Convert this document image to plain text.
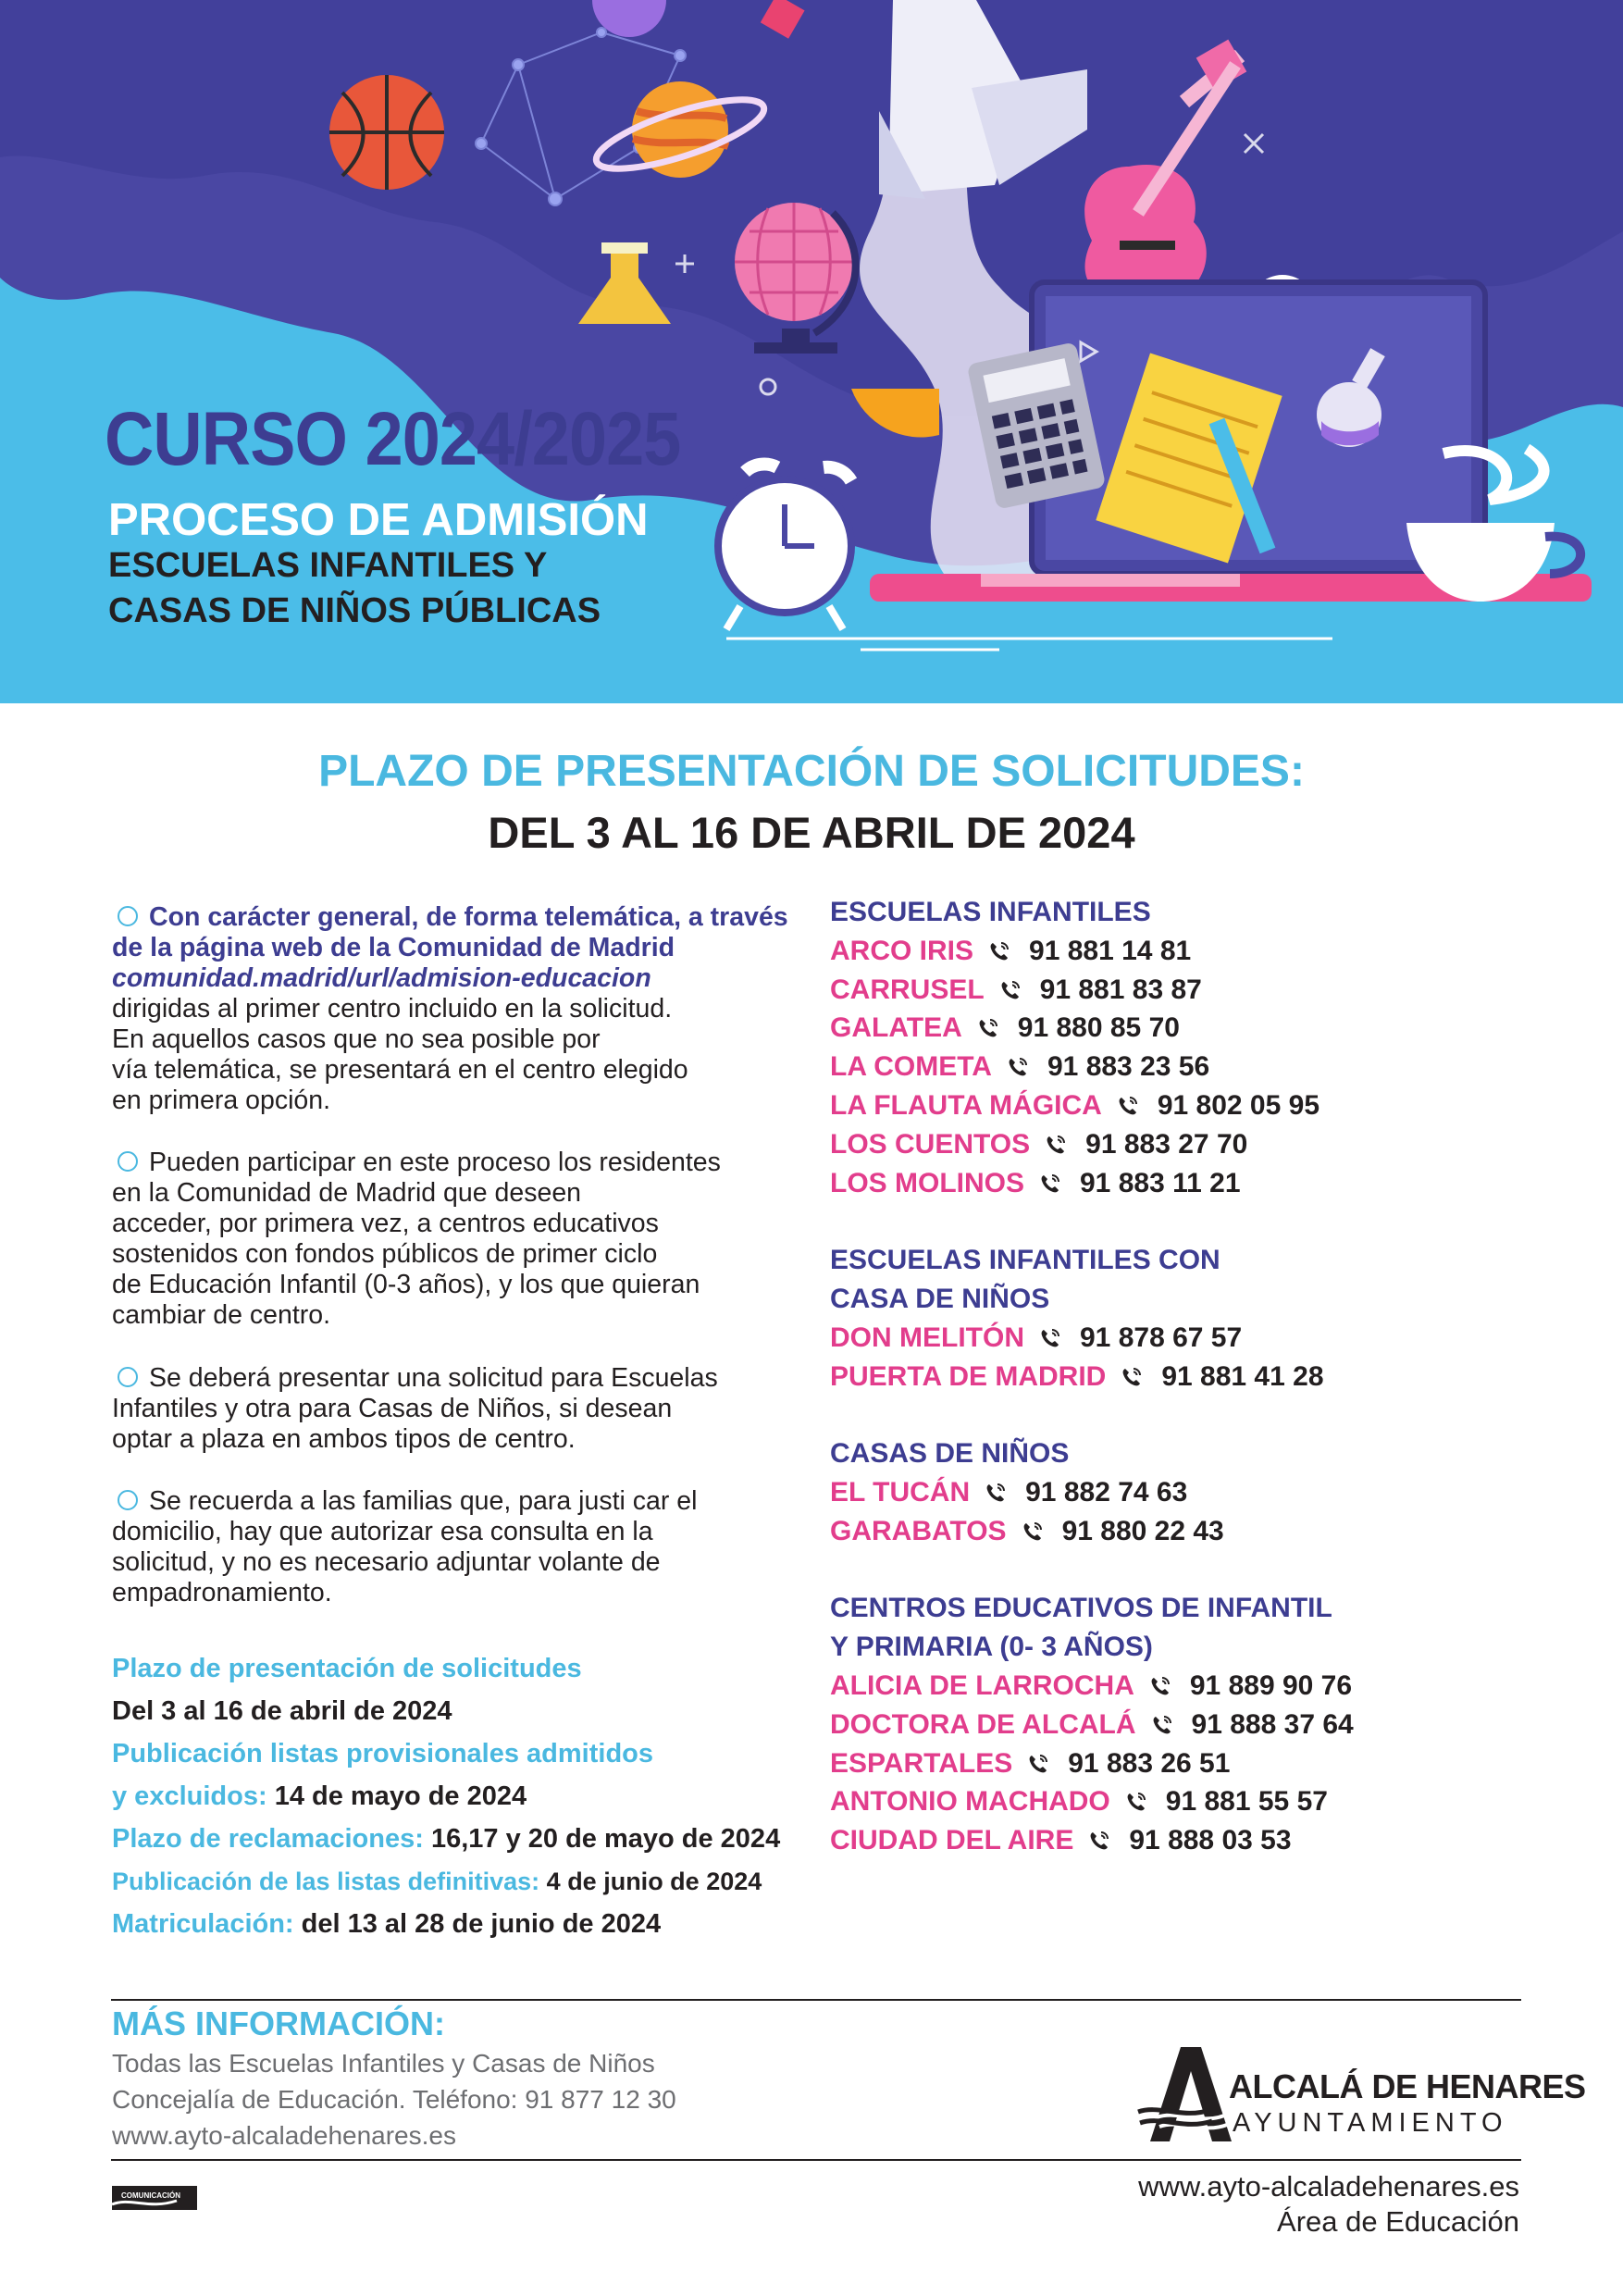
CURSO 2024/2025
PROCESO DE ADMISIÓN
ESCUELAS INFANTILES Y
CASAS DE NIÑOS PÚBLICAS
PLAZO DE PRESENTACIÓN DE SOLICITUDES:
DEL 3 AL 16 DE ABRIL DE 2024
Con carácter general, de forma telemática, a través
de la página web de la Comunidad de Madrid
comunidad.madrid/url/admision-educacion
dirigidas al primer centro incluido en la solicitud.
En aquellos casos que no sea posible por
vía telemática, se presentará en el centro elegido
en primera opción.
Pueden participar en este proceso los residentes
en la Comunidad de Madrid que deseen
acceder, por primera vez, a centros educativos
sostenidos con fondos públicos de primer ciclo
de Educación Infantil (0-3 años), y los que quieran
cambiar de centro.
Se deberá presentar una solicitud para Escuelas
Infantiles y otra para Casas de Niños, si desean
optar a plaza en ambos tipos de centro.
Se recuerda a las familias que, para justi car el
domicilio, hay que autorizar esa consulta en la
solicitud, y no es necesario adjuntar volante de
empadronamiento.
Plazo de presentación de solicitudes
Del 3 al 16 de abril de 2024
Publicación listas provisionales admitidos
y excluidos: 14 de mayo de 2024
Plazo de reclamaciones: 16,17 y 20 de mayo de 2024
Publicación de las listas definitivas: 4 de junio de 2024
Matriculación: del 13 al 28 de junio de 2024
ESCUELAS INFANTILES
ARCO IRIS 91 881 14 81
CARRUSEL 91 881 83 87
GALATEA 91 880 85 70
LA COMETA 91 883 23 56
LA FLAUTA MÁGICA 91 802 05 95
LOS CUENTOS 91 883 27 70
LOS MOLINOS 91 883 11 21
ESCUELAS INFANTILES CON
CASA DE NIÑOS
DON MELITÓN 91 878 67 57
PUERTA DE MADRID 91 881 41 28
CASAS DE NIÑOS
EL TUCÁN 91 882 74 63
GARABATOS 91 880 22 43
CENTROS EDUCATIVOS DE INFANTIL
Y PRIMARIA (0- 3 AÑOS)
ALICIA DE LARROCHA 91 889 90 76
DOCTORA DE ALCALÁ 91 888 37 64
ESPARTALES 91 883 26 51
ANTONIO MACHADO 91 881 55 57
CIUDAD DEL AIRE 91 888 03 53
MÁS INFORMACIÓN:
Todas las Escuelas Infantiles y Casas de Niños
Concejalía de Educación. Teléfono: 91 877 12 30
www.ayto-alcaladehenares.es
ALCALÁ DE HENARES
AYUNTAMIENTO
COMUNICACIÓN	www.ayto-alcaladehenares.es
Área de Educación
